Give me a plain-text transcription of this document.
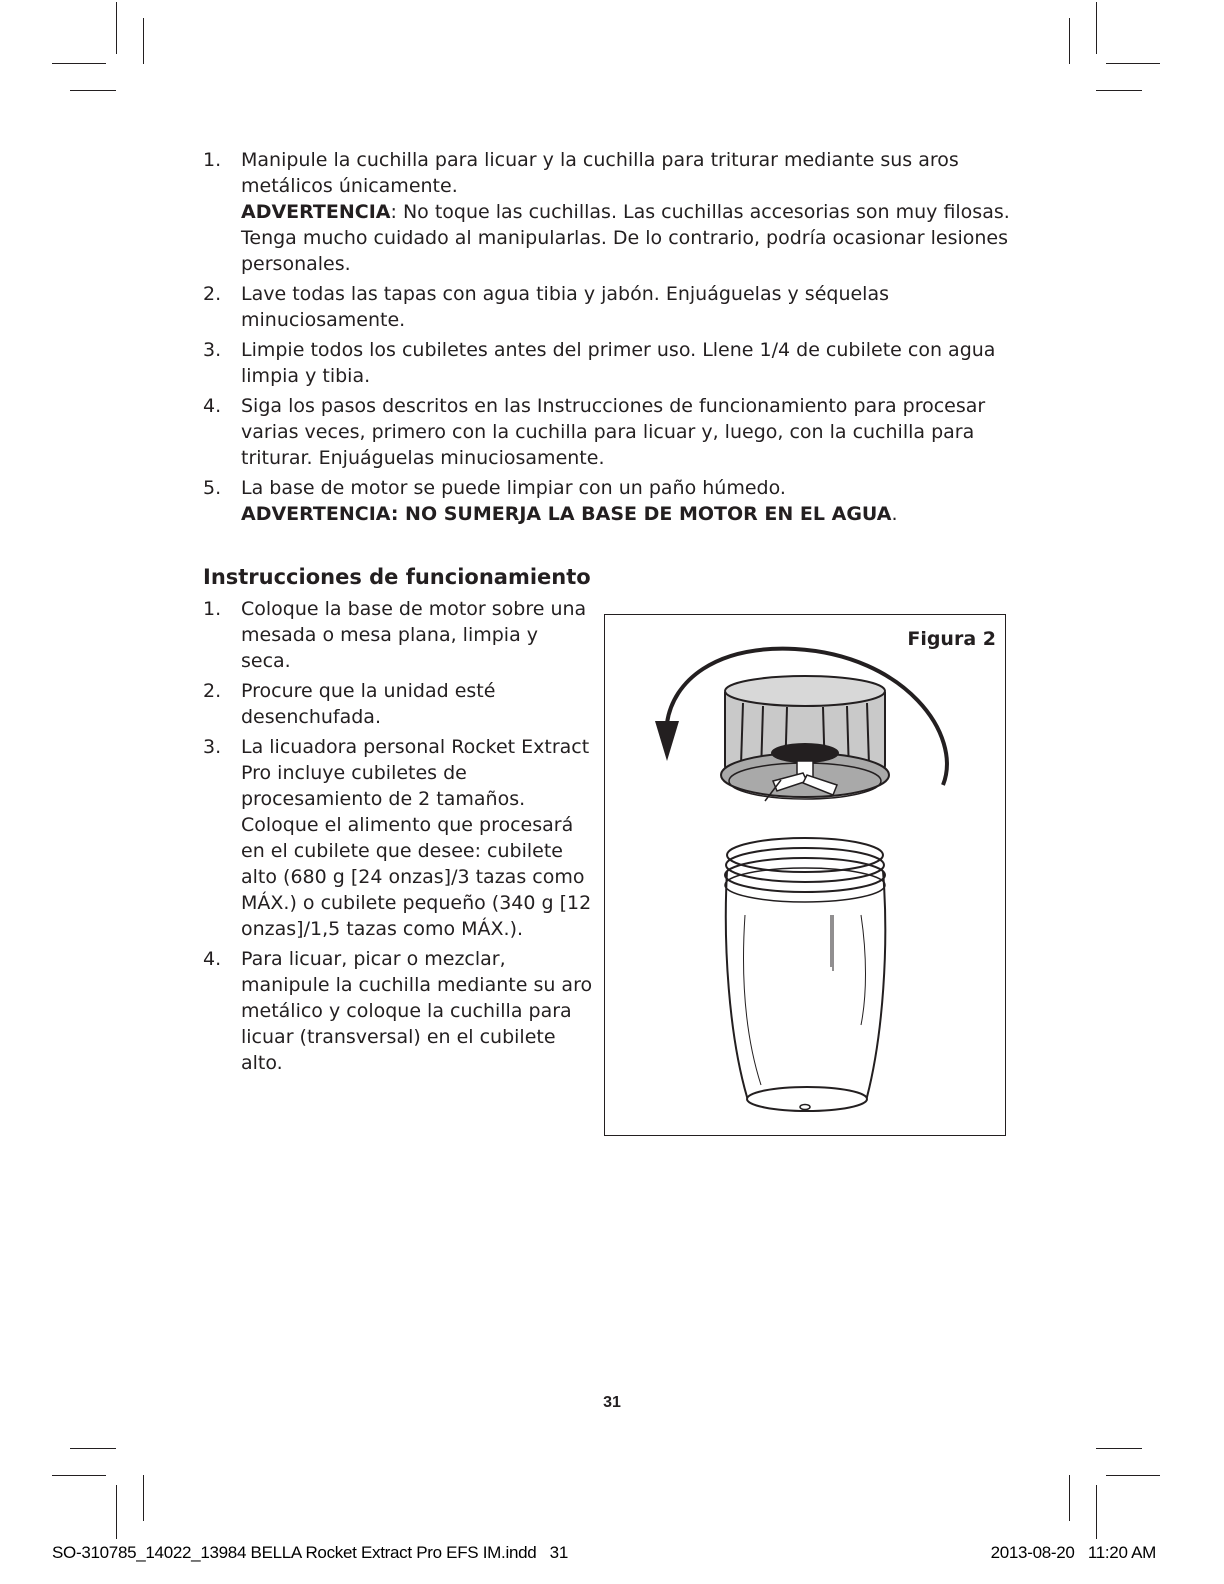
1. Manipule la cuchilla para licuar y la cuchilla para triturar mediante sus aros metálicos únicamente.
ADVERTENCIA: No toque las cuchillas. Las cuchillas accesorias son muy filosas. Tenga mucho cuidado al manipularlas. De lo contrario, podría ocasionar lesiones personales.
2. Lave todas las tapas con agua tibia y jabón. Enjuáguelas y séquelas minuciosamente.
3. Limpie todos los cubiletes antes del primer uso. Llene 1/4 de cubilete con agua limpia y tibia.
4. Siga los pasos descritos en las Instrucciones de funcionamiento para procesar varias veces, primero con la cuchilla para licuar y, luego, con la cuchilla para triturar. Enjuáguelas minuciosamente.
5. La base de motor se puede limpiar con un paño húmedo.
ADVERTENCIA: NO SUMERJA LA BASE DE MOTOR EN EL AGUA.
Instrucciones de funcionamiento
1. Coloque la base de motor sobre una mesada o mesa plana, limpia y seca.
2. Procure que la unidad esté desenchufada.
3. La licuadora personal Rocket Extract Pro incluye cubiletes de procesamiento de 2 tamaños. Coloque el alimento que procesará en el cubilete que desee: cubilete alto (680 g [24 onzas]/3 tazas como MÁX.) o cubilete pequeño (340 g [12 onzas]/1,5 tazas como MÁX.).
4. Para licuar, picar o mezclar, manipule la cuchilla mediante su aro metálico y coloque la cuchilla para licuar (transversal) en el cubilete alto.
Figura 2
31
SO-310785_14022_13984 BELLA Rocket Extract Pro EFS IM.indd   31	2013-08-20   11:20 AM
